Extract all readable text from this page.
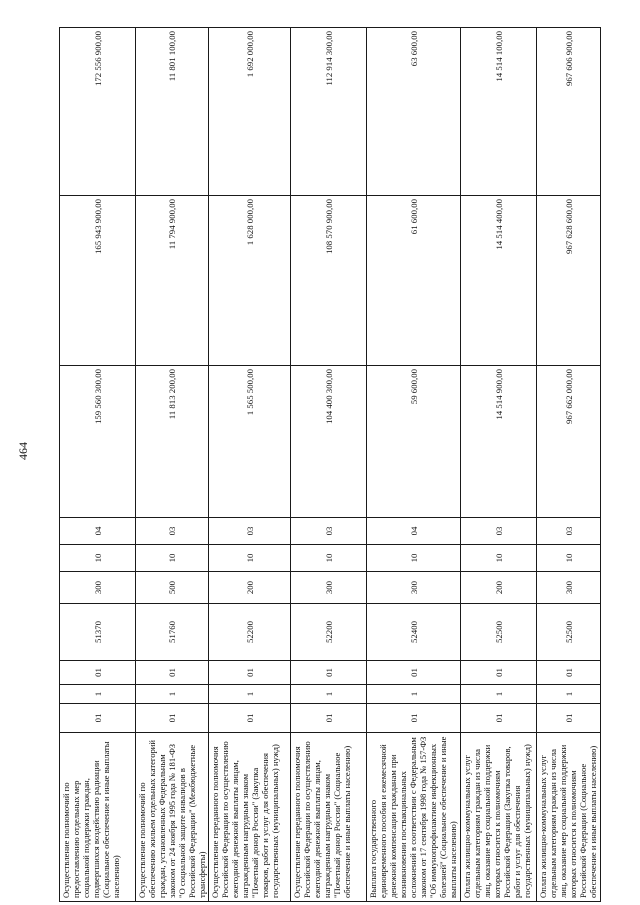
464
Осуществление полномочий по предоставлению отдельных мер социальной поддержки граждан, подвергшихся воздействию радиации (Социальное обеспечение и иные выплаты населению)	01	1	01	51370	300	10	04	159 560 300,00	165 943 900,00	172 556 900,00
Осуществление полномочий по обеспечению жильем отдельных категорий граждан, установленных Федеральным законом от 24 ноября 1995 года № 181-ФЗ "О социальной защите инвалидов в Российской Федерации" (Межбюджетные трансферты)	01	1	01	51760	500	10	03	11 813 200,00	11 794 900,00	11 801 100,00
Осуществление переданного полномочия Российской Федерации по осуществлению ежегодной денежной выплаты лицам, награжденным нагрудным знаком "Почетный донор России" (Закупка товаров, работ и услуг для обеспечения государственных (муниципальных) нужд)	01	1	01	52200	200	10	03	1 565 500,00	1 628 000,00	1 692 000,00
Осуществление переданного полномочия Российской Федерации по осуществлению ежегодной денежной выплаты лицам, награжденным нагрудным знаком "Почетный донор России" (Социальное обеспечение и иные выплаты населению)	01	1	01	52200	300	10	03	104 400 300,00	108 570 900,00	112 914 300,00
Выплата государственного единовременного пособия и ежемесячной денежной компенсации гражданам при возникновении поствакцинальных осложнений в соответствии с Федеральным законом от 17 сентября 1998 года № 157-ФЗ "Об иммунопрофилактике инфекционных болезней" (Социальное обеспечение и иные выплаты населению)	01	1	01	52400	300	10	04	59 600,00	61 600,00	63 600,00
Оплата жилищно-коммунальных услуг отдельным категориям граждан из числа лиц, оказание мер социальной поддержки которых относится к полномочиям Российской Федерации (Закупка товаров, работ и услуг для обеспечения государственных (муниципальных) нужд)	01	1	01	52500	200	10	03	14 514 900,00	14 514 400,00	14 514 100,00
Оплата жилищно-коммунальных услуг отдельным категориям граждан из числа лиц, оказание мер социальной поддержки которых относится к полномочиям Российской Федерации (Социальное обеспечение и иные выплаты населению)	01	1	01	52500	300	10	03	967 662 000,00	967 628 600,00	967 606 900,00
